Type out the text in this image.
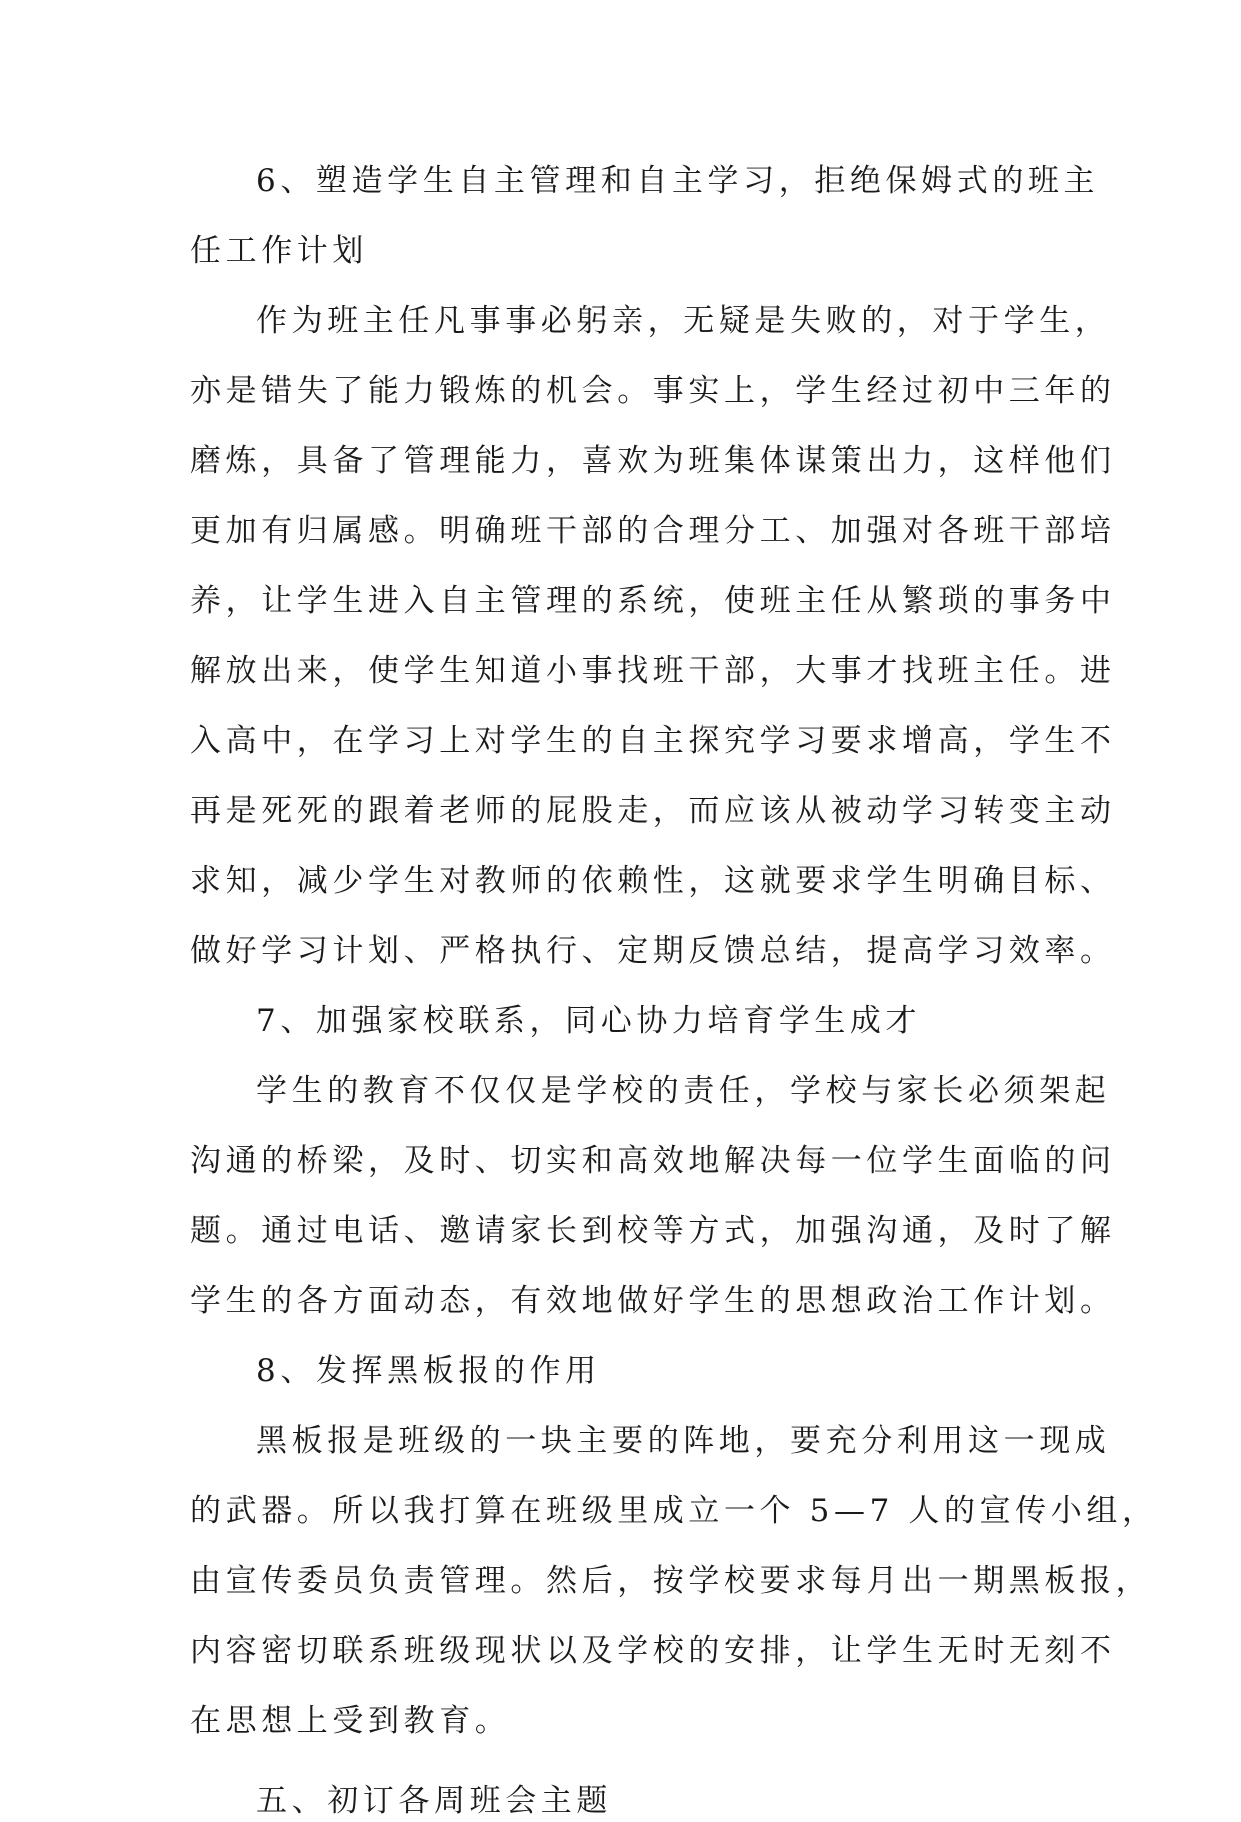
6、塑造学生自主管理和自主学习，拒绝保姆式的班主

任工作计划

作为班主任凡事事必躬亲，无疑是失败的，对于学生，

亦是错失了能力锻炼的机会。事实上，学生经过初中三年的

磨炼，具备了管理能力，喜欢为班集体谋策出力，这样他们

更加有归属感。明确班干部的合理分工、加强对各班干部培

养，让学生进入自主管理的系统，使班主任从繁琐的事务中

解放出来，使学生知道小事找班干部，大事才找班主任。进

入高中，在学习上对学生的自主探究学习要求增高，学生不

再是死死的跟着老师的屁股走，而应该从被动学习转变主动

求知，减少学生对教师的依赖性，这就要求学生明确目标、

做好学习计划、严格执行、定期反馈总结，提高学习效率。

7、加强家校联系，同心协力培育学生成才

学生的教育不仅仅是学校的责任，学校与家长必须架起

沟通的桥梁，及时、切实和高效地解决每一位学生面临的问

题。通过电话、邀请家长到校等方式，加强沟通，及时了解

学生的各方面动态，有效地做好学生的思想政治工作计划。

8、发挥黑板报的作用

黑板报是班级的一块主要的阵地，要充分利用这一现成

的武器。所以我打算在班级里成立一个 5—7 人的宣传小组，

由宣传委员负责管理。然后，按学校要求每月出一期黑板报，

内容密切联系班级现状以及学校的安排，让学生无时无刻不

在思想上受到教育。

五、初订各周班会主题
